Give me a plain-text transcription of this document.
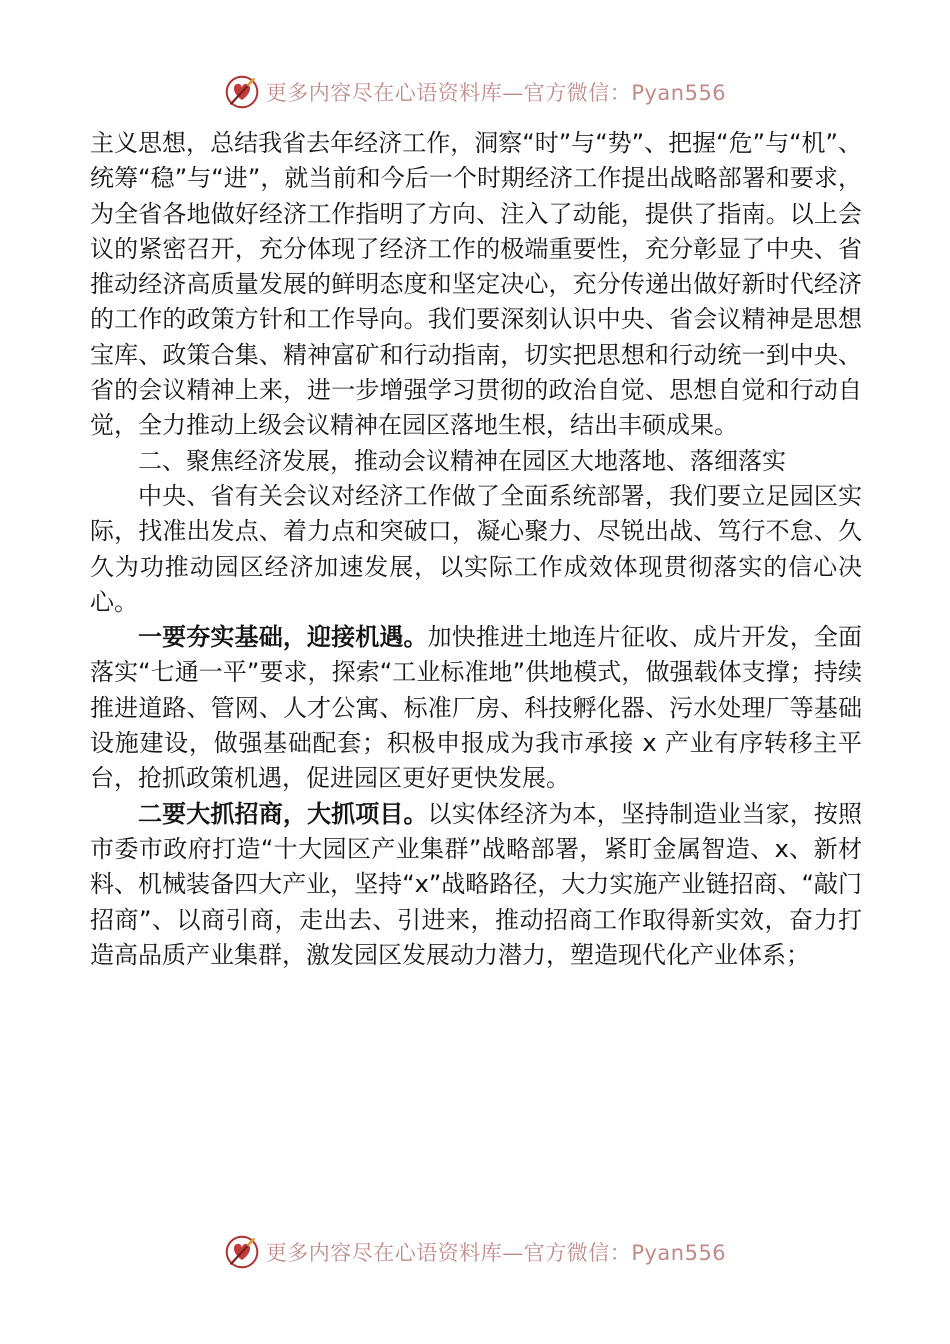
更多内容尽在心语资料库—官方微信：Pyan556

主义思想，总结我省去年经济工作，洞察“时”与“势”、把握“危”与“机”、统筹“稳”与“进”，就当前和今后一个时期经济工作提出战略部署和要求，为全省各地做好经济工作指明了方向、注入了动能，提供了指南。以上会议的紧密召开，充分体现了经济工作的极端重要性，充分彰显了中央、省推动经济高质量发展的鲜明态度和坚定决心，充分传递出做好新时代经济的工作的政策方针和工作导向。我们要深刻认识中央、省会议精神是思想宝库、政策合集、精神富矿和行动指南，切实把思想和行动统一到中央、省的会议精神上来，进一步增强学习贯彻的政治自觉、思想自觉和行动自觉，全力推动上级会议精神在园区落地生根，结出丰硕成果。

二、聚焦经济发展，推动会议精神在园区大地落地、落细落实

中央、省有关会议对经济工作做了全面系统部署，我们要立足园区实际，找准出发点、着力点和突破口，凝心聚力、尽锐出战、笃行不怠、久久为功推动园区经济加速发展，以实际工作成效体现贯彻落实的信心决心。

一要夯实基础，迎接机遇。加快推进土地连片征收、成片开发，全面落实“七通一平”要求，探索“工业标准地”供地模式，做强载体支撑；持续推进道路、管网、人才公寓、标准厂房、科技孵化器、污水处理厂等基础设施建设，做强基础配套；积极申报成为我市承接 x 产业有序转移主平台，抢抓政策机遇，促进园区更好更快发展。

二要大抓招商，大抓项目。以实体经济为本，坚持制造业当家，按照市委市政府打造“十大园区产业集群”战略部署，紧盯金属智造、x、新材料、机械装备四大产业，坚持“x”战略路径，大力实施产业链招商、“敲门招商”、以商引商，走出去、引进来，推动招商工作取得新实效，奋力打造高品质产业集群，激发园区发展动力潜力，塑造现代化产业体系；

更多内容尽在心语资料库—官方微信：Pyan556
